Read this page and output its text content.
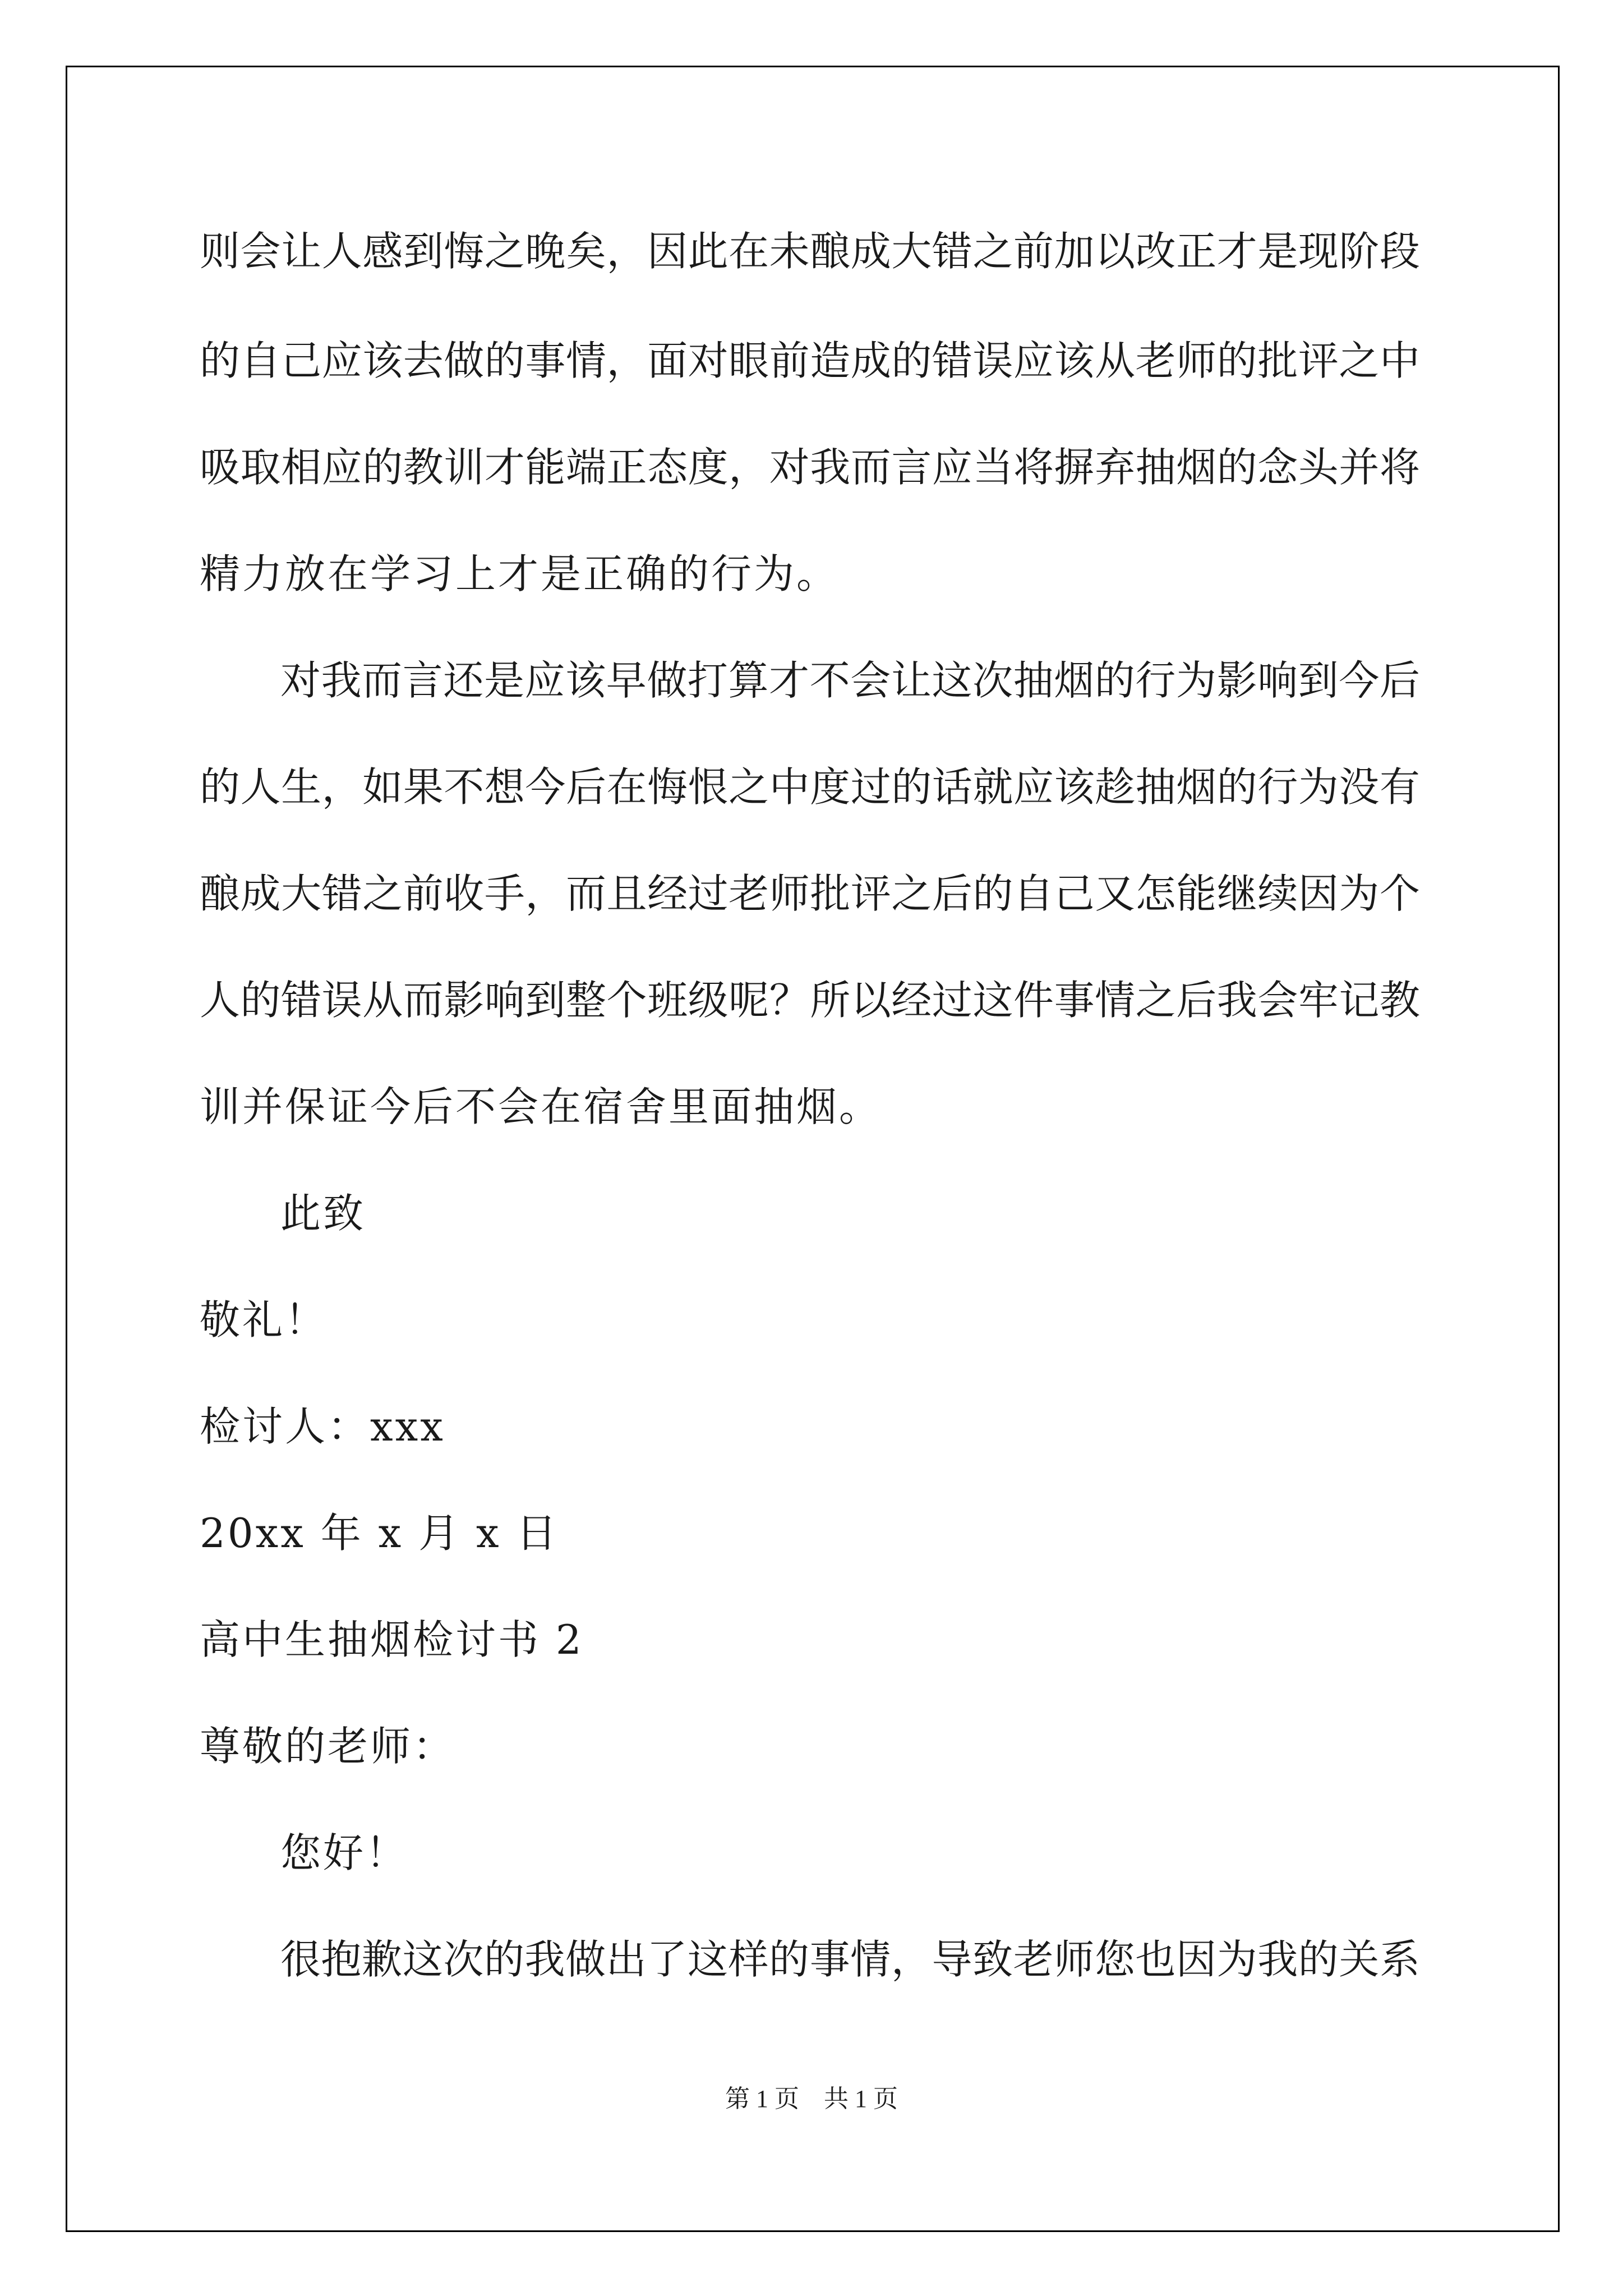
则会让人感到悔之晚矣，因此在未酿成大错之前加以改正才是现阶段
的自己应该去做的事情，面对眼前造成的错误应该从老师的批评之中
吸取相应的教训才能端正态度，对我而言应当将摒弃抽烟的念头并将
精力放在学习上才是正确的行为。
对我而言还是应该早做打算才不会让这次抽烟的行为影响到今后
的人生，如果不想今后在悔恨之中度过的话就应该趁抽烟的行为没有
酿成大错之前收手，而且经过老师批评之后的自己又怎能继续因为个
人的错误从而影响到整个班级呢？所以经过这件事情之后我会牢记教
训并保证今后不会在宿舍里面抽烟。
此致
敬礼！
检讨人：xxx
20xx 年 x 月 x 日
高中生抽烟检讨书 2
尊敬的老师：
您好！
很抱歉这次的我做出了这样的事情，导致老师您也因为我的关系
第 1 页　共 1 页
